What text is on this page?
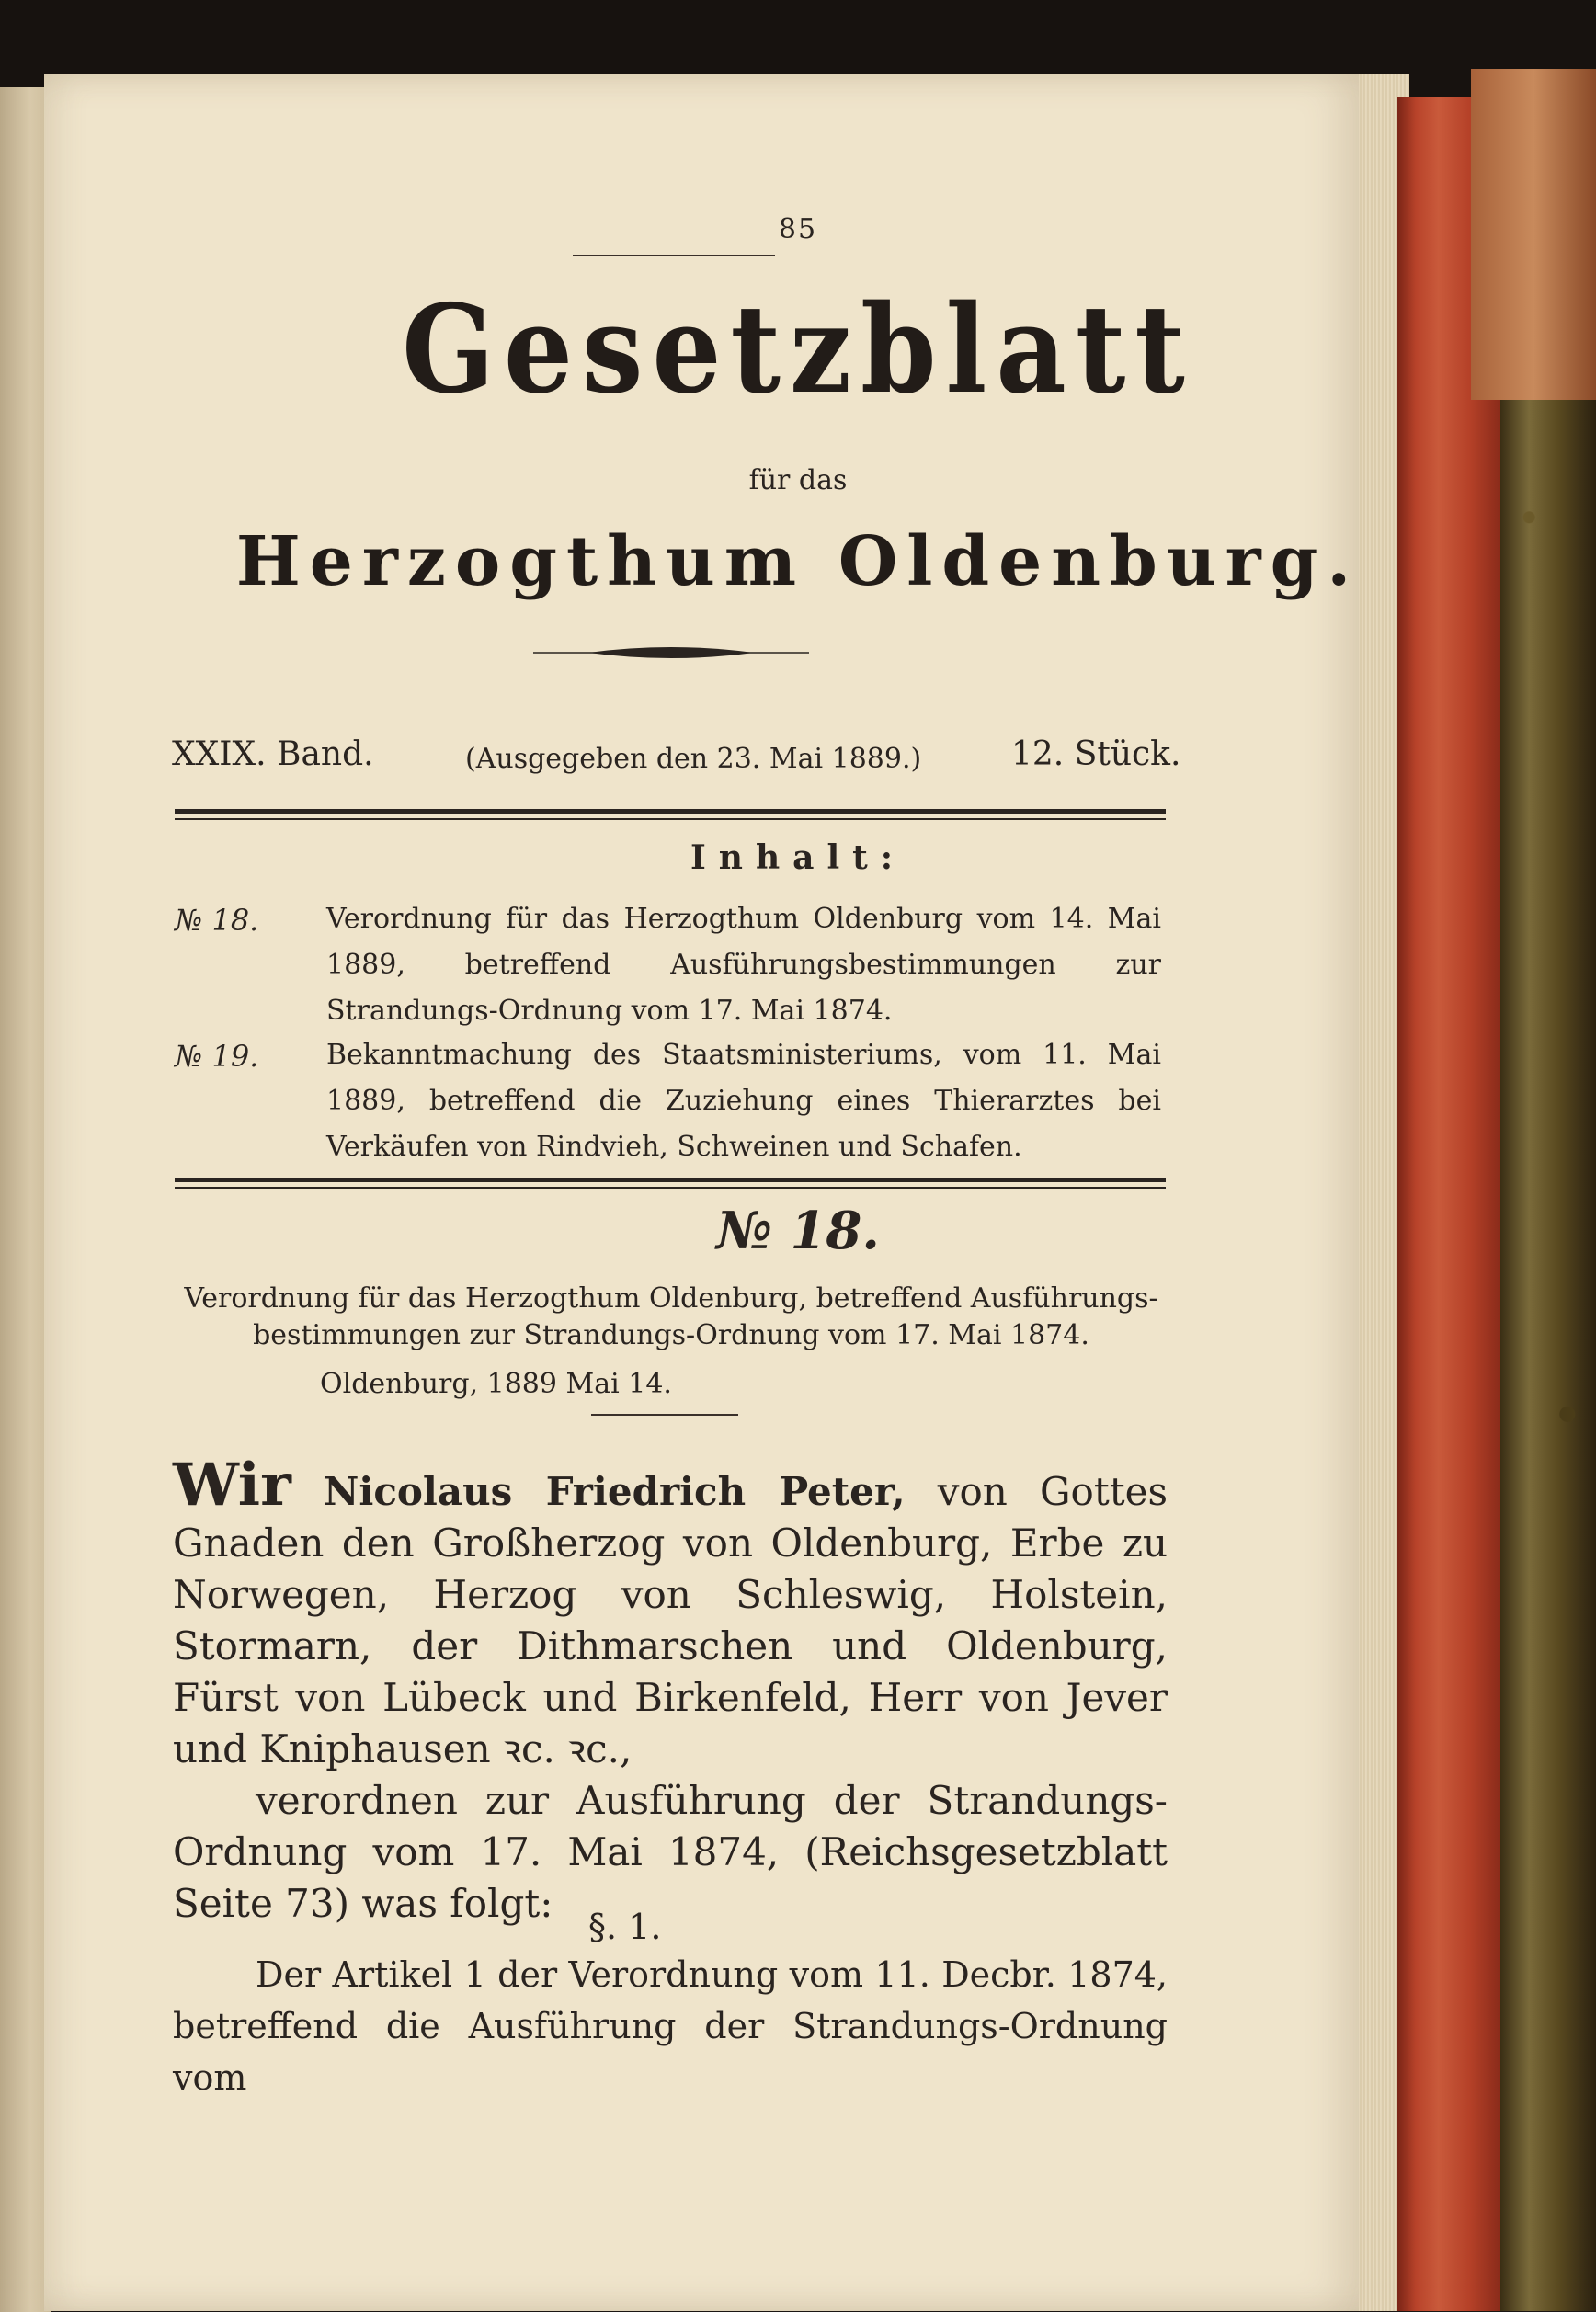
85
Gesetzblatt
für das
Herzogthum Oldenburg.
XXIX. Band.	(Ausgegeben den 23. Mai 1889.)	12. Stück.
Inhalt:
№ 18. Verordnung für das Herzogthum Oldenburg vom 14. Mai 1889, betreffend Ausführungsbestimmungen zur Strandungs-Ordnung vom 17. Mai 1874.
№ 19. Bekanntmachung des Staatsministeriums, vom 11. Mai 1889, betreffend die Zuziehung eines Thierarztes bei Verkäufen von Rindvieh, Schweinen und Schafen.
№ 18.
Verordnung für das Herzogthum Oldenburg, betreffend Ausführungs-bestimmungen zur Strandungs-Ordnung vom 17. Mai 1874.
Oldenburg, 1889 Mai 14.
Wir Nicolaus Friedrich Peter, von Gottes Gnaden den Großherzog von Oldenburg, Erbe zu Norwegen, Herzog von Schleswig, Holstein, Stormarn, der Dithmarschen und Oldenburg, Fürst von Lübeck und Birkenfeld, Herr von Jever und Kniphausen ꝛc. ꝛc.,
verordnen zur Ausführung der Strandungs-Ordnung vom 17. Mai 1874, (Reichsgesetzblatt Seite 73) was folgt:
§. 1.
Der Artikel 1 der Verordnung vom 11. Decbr. 1874, betreffend die Ausführung der Strandungs-Ordnung vom
